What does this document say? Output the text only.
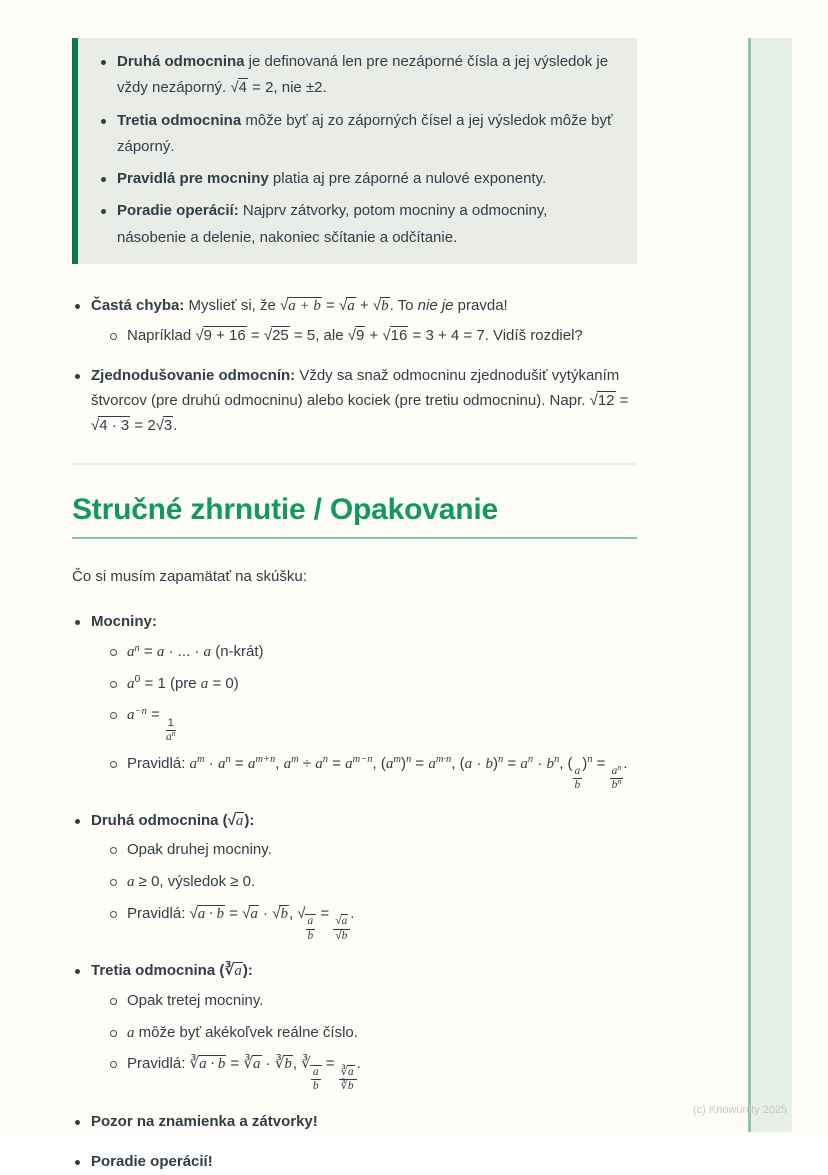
Druhá odmocnina je definovaná len pre nezáporné čísla a jej výsledok je vždy nezáporný. √4 = 2, nie ±2.
Tretia odmocnina môže byť aj zo záporných čísel a jej výsledok môže byť záporný.
Pravidlá pre mocniny platia aj pre záporné a nulové exponenty.
Poradie operácií: Najprv zátvorky, potom mocniny a odmocniny, násobenie a delenie, nakoniec sčítanie a odčítanie.
Častá chyba: Myslieť si, že √a + b = √a + √b. To nie je pravda!
Napríklad √9 + 16 = √25 = 5, ale √9 + √16 = 3 + 4 = 7. Vidíš rozdiel?
Zjednodušovanie odmocnín: Vždy sa snaž odmocninu zjednodušiť vytýkaním štvorcov (pre druhú odmocninu) alebo kociek (pre tretiu odmocninu). Napr. √12 = √4 · 3 = 2√3.
Stručné zhrnutie / Opakovanie

Čo si musím zapamätať na skúšku:

Mocniny:
$a^n = a$ · ... · a (n-krát)
$a^0 = 1$ (pre a = 0)
$a^{-n}$ =
$\frac{1}{a^n}$
Pravidlá: $a^m \cdot a^n = a^{m+n}$, $a^m \div a^n = a^{m-n}$, $(a^m)^n = a^{m\cdot n}$, $(a \cdot b)^n = a^n \cdot b^n$, (
$\frac{a}{b}$
)$^n$ =
$\frac{a^n}{b^n}$
.
Druhá odmocnina (√a):
Opak druhej mocniny.
a ≥ 0, výsledok ≥ 0.
Pravidlá: √a · b = √a · √b, √
$\frac{a}{b}$
=
$\frac{√a}{√b}$
.
Tretia odmocnina (∛a):
Opak tretej mocniny.
a môže byť akékoľvek reálne číslo.
Pravidlá: ∛a · b = ∛a · ∛b, ∛
$\frac{a}{b}$
=
$\frac{∛a}{∛b}$
.
Pozor na znamienka a zátvorky!
Poradie operácií!
(c) Knowunity 2025
